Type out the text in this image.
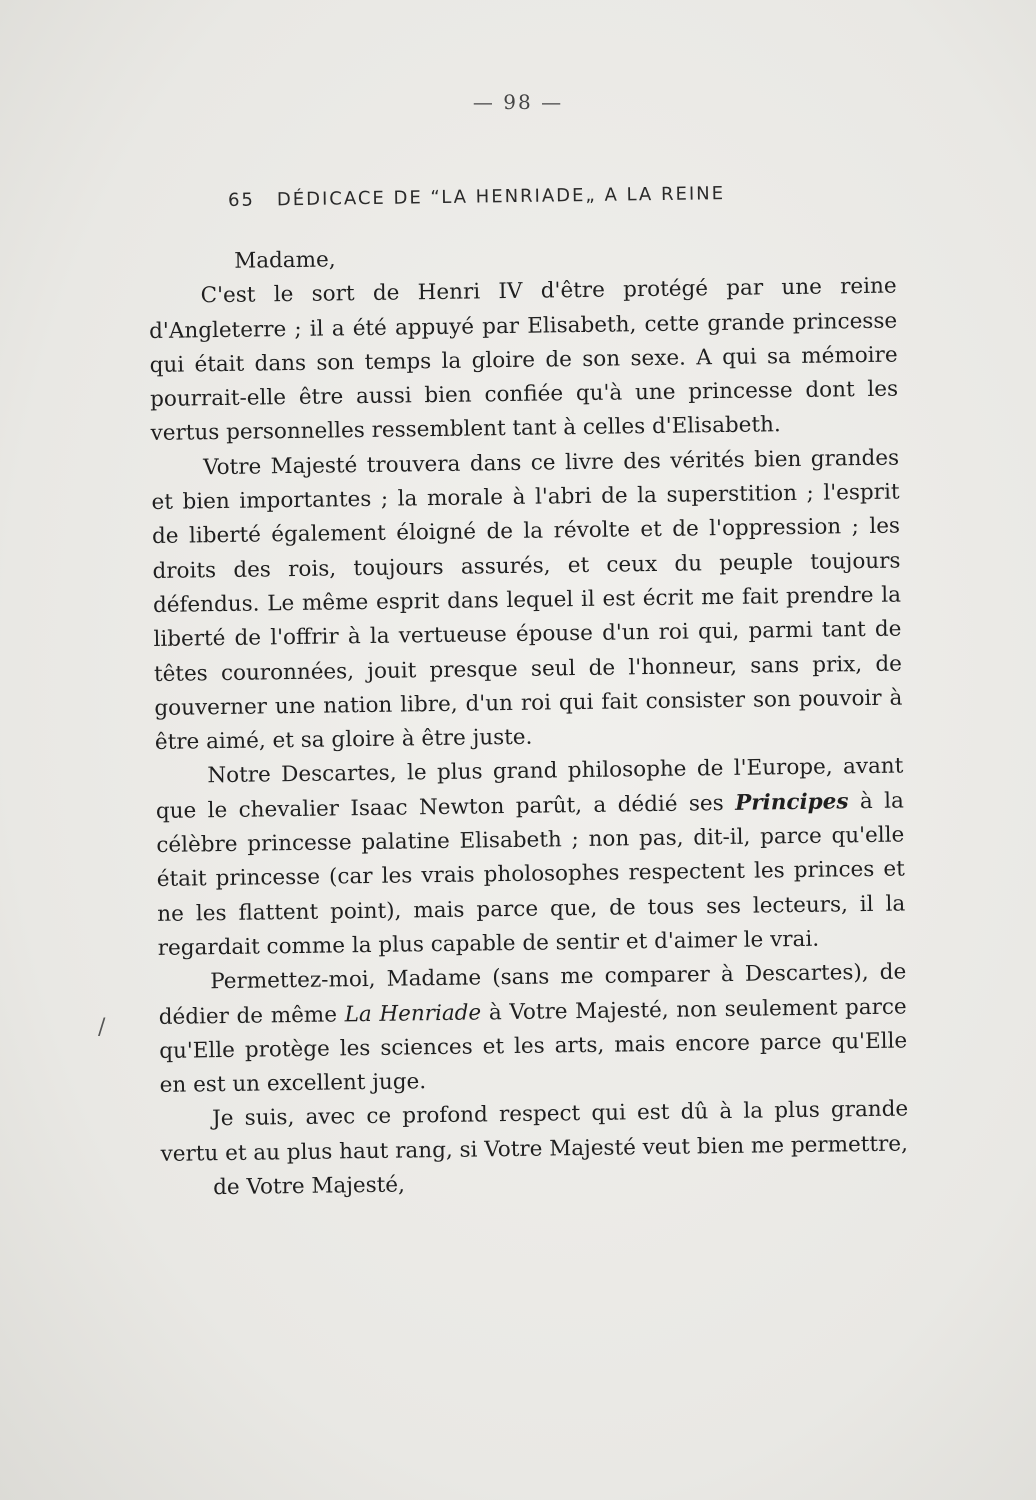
— 98 —
65 DÉDICACE DE “LA HENRIADE„ A LA REINE
Madame,

C'est le sort de Henri IV d'être protégé par une reine d'Angleterre ; il a été appuyé par Elisabeth, cette grande princesse qui était dans son temps la gloire de son sexe. A qui sa mémoire pourrait-elle être aussi bien confiée qu'à une princesse dont les vertus personnelles ressemblent tant à celles d'Elisabeth.

Votre Majesté trouvera dans ce livre des vérités bien grandes et bien importantes ; la morale à l'abri de la superstition ; l'esprit de liberté également éloigné de la révolte et de l'oppression ; les droits des rois, toujours assurés, et ceux du peuple toujours défendus. Le même esprit dans lequel il est écrit me fait prendre la liberté de l'offrir à la vertueuse épouse d'un roi qui, parmi tant de têtes couronnées, jouit presque seul de l'honneur, sans prix, de gouverner une nation libre, d'un roi qui fait consister son pouvoir à être aimé, et sa gloire à être juste.

Notre Descartes, le plus grand philosophe de l'Europe, avant que le chevalier Isaac Newton parût, a dédié ses Principes à la célèbre princesse palatine Elisabeth ; non pas, dit-il, parce qu'elle était princesse (car les vrais pholosophes respectent les princes et ne les flattent point), mais parce que, de tous ses lecteurs, il la regardait comme la plus capable de sentir et d'aimer le vrai.

Permettez-moi, Madame (sans me comparer à Descartes), de dédier de même La Henriade à Votre Majesté, non seulement parce qu'Elle protège les sciences et les arts, mais encore parce qu'Elle en est un excellent juge.

Je suis, avec ce profond respect qui est dû à la plus grande vertu et au plus haut rang, si Votre Majesté veut bien me permettre,

de Votre Majesté,
/
